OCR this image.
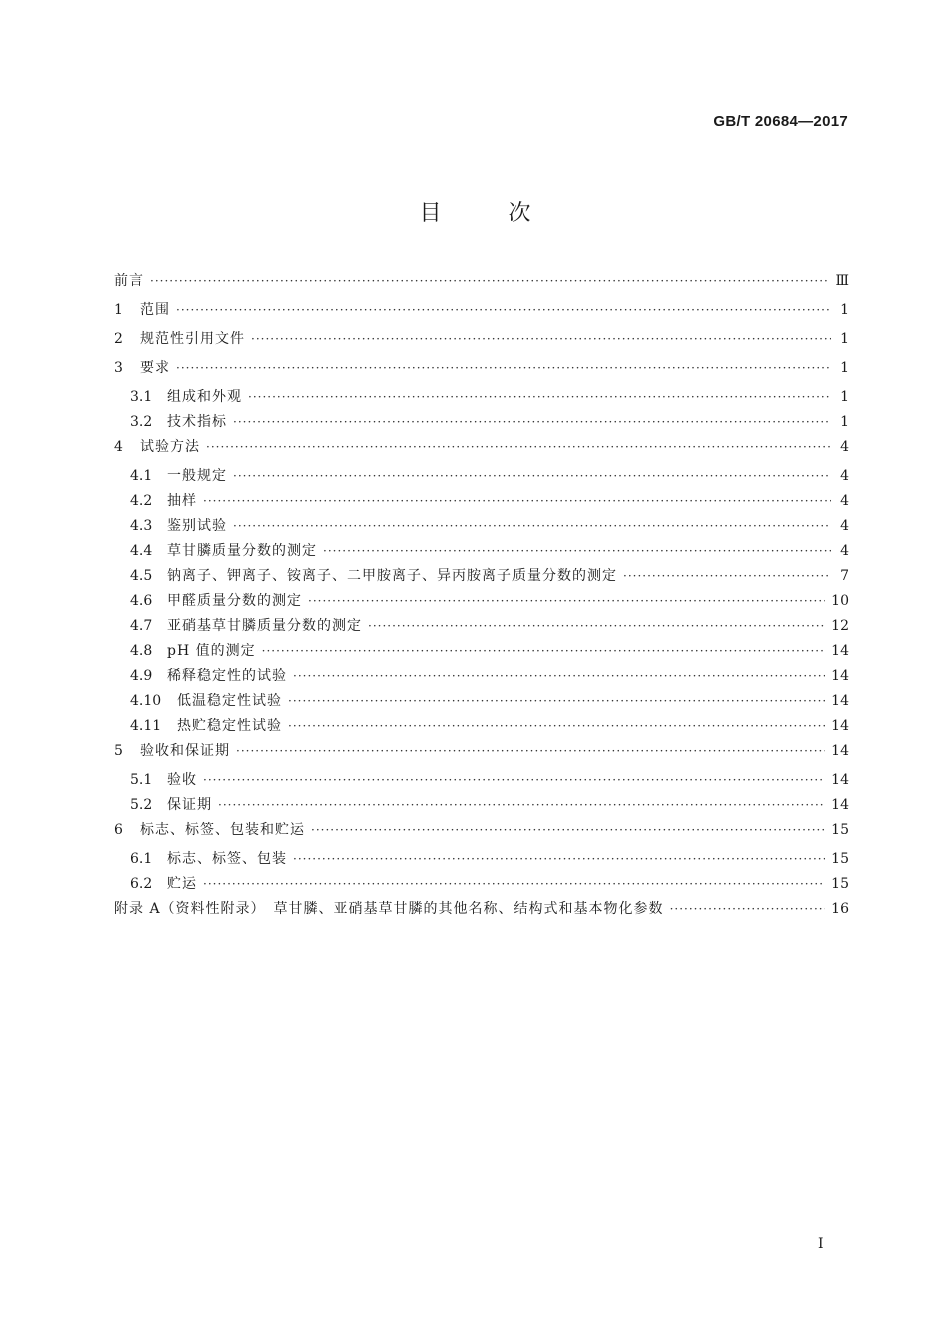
GB/T 20684—2017
目	次
前言 ·····	Ⅲ
1	范围 ·····	1
2	规范性引用文件 ·····	1
3	要求 ·····	1
3.1	组成和外观 ·····	1
3.2	技术指标 ·····	1
4	试验方法 ·····	4
4.1	一般规定 ·····	4
4.2	抽样 ·····	4
4.3	鉴别试验 ·····	4
4.4	草甘膦质量分数的测定 ·····	4
4.5	钠离子、钾离子、铵离子、二甲胺离子、异丙胺离子质量分数的测定 ·····	7
4.6	甲醛质量分数的测定 ·····	10
4.7	亚硝基草甘膦质量分数的测定 ·····	12
4.8	pH 值的测定 ·····	14
4.9	稀释稳定性的试验 ·····	14
4.10	低温稳定性试验 ·····	14
4.11	热贮稳定性试验 ·····	14
5	验收和保证期 ·····	14
5.1	验收 ·····	14
5.2	保证期 ·····	14
6	标志、标签、包装和贮运 ·····	15
6.1	标志、标签、包装 ·····	15
6.2	贮运 ·····	15
附录 A（资料性附录）　草甘膦、亚硝基草甘膦的其他名称、结构式和基本物化参数 ·····	16
I
